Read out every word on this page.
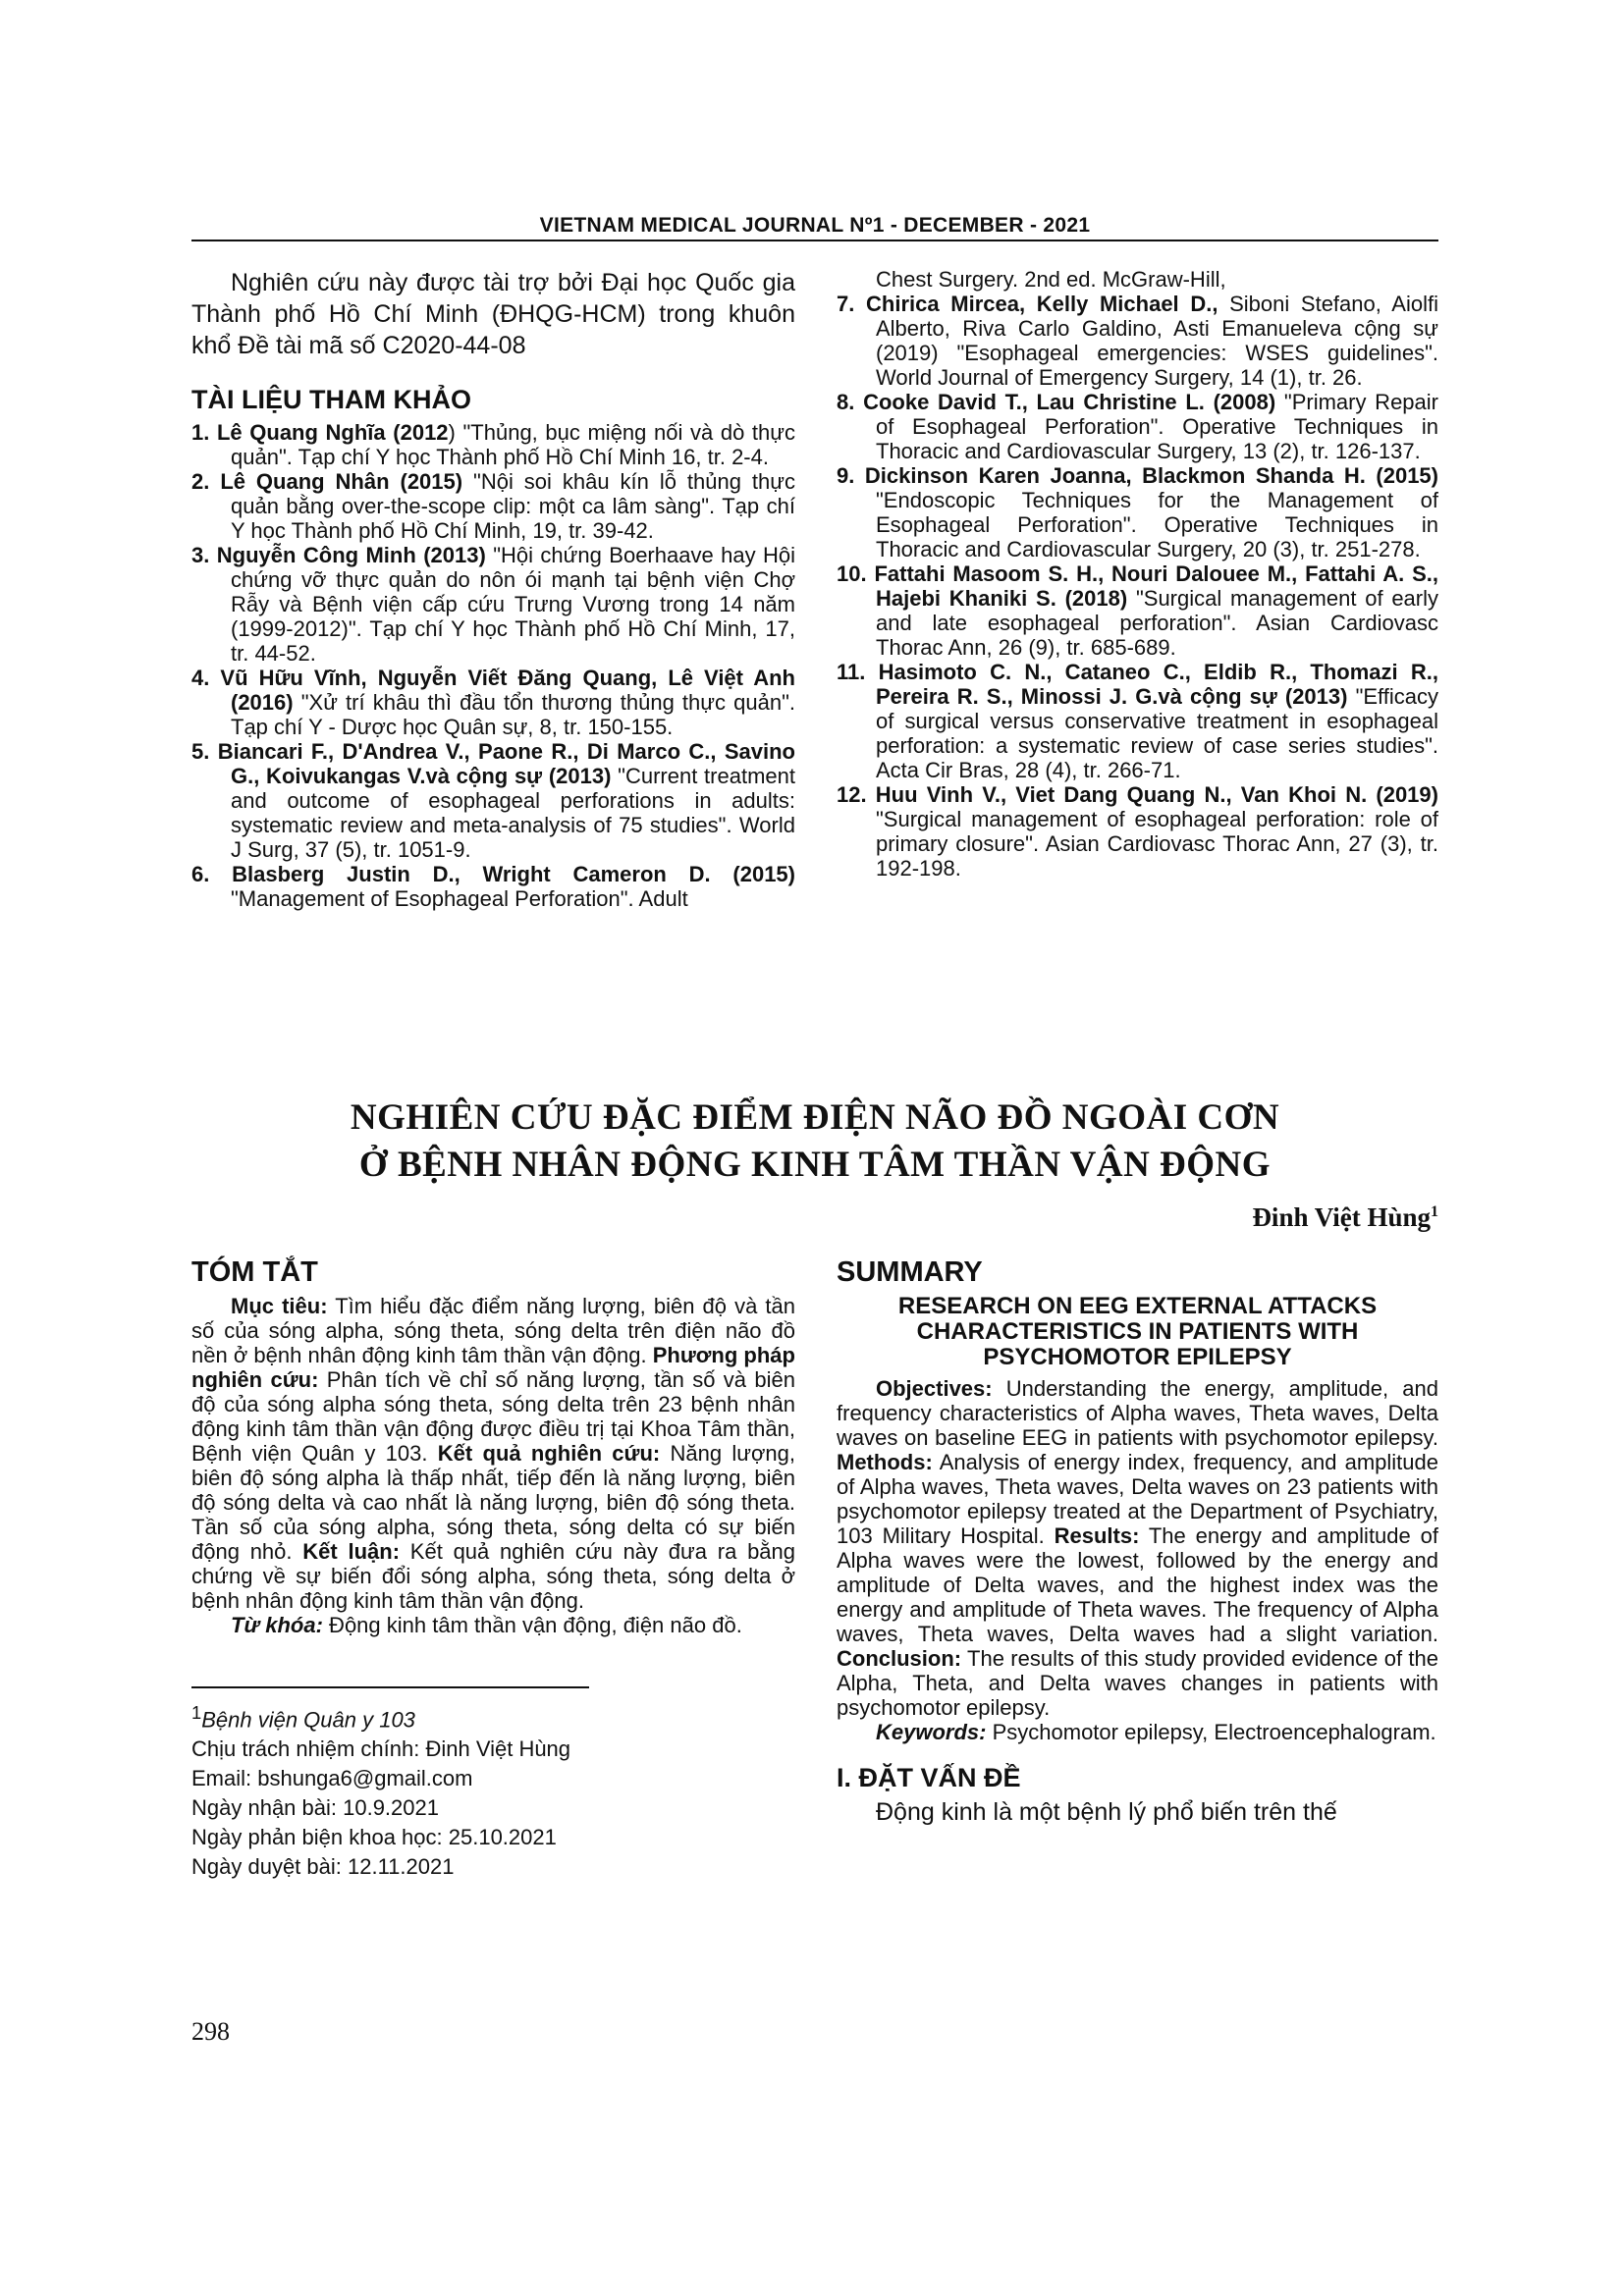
VIETNAM MEDICAL JOURNAL Nº1 - DECEMBER - 2021

Nghiên cứu này được tài trợ bởi Đại học Quốc gia Thành phố Hồ Chí Minh (ĐHQG-HCM) trong khuôn khổ Đề tài mã số C2020-44-08

TÀI LIỆU THAM KHẢO
1. Lê Quang Nghĩa (2012) "Thủng, bục miệng nối và dò thực quản". Tạp chí Y học Thành phố Hồ Chí Minh 16, tr. 2-4.
2. Lê Quang Nhân (2015) "Nội soi khâu kín lỗ thủng thực quản bằng over-the-scope clip: một ca lâm sàng". Tạp chí Y học Thành phố Hồ Chí Minh, 19, tr. 39-42.
3. Nguyễn Công Minh (2013) "Hội chứng Boerhaave hay Hội chứng vỡ thực quản do nôn ói mạnh tại bệnh viện Chợ Rẫy và Bệnh viện cấp cứu Trưng Vương trong 14 năm (1999-2012)". Tạp chí Y học Thành phố Hồ Chí Minh, 17, tr. 44-52.
4. Vũ Hữu Vĩnh, Nguyễn Viết Đăng Quang, Lê Việt Anh (2016) "Xử trí khâu thì đầu tổn thương thủng thực quản". Tạp chí Y - Dược học Quân sự, 8, tr. 150-155.
5. Biancari F., D'Andrea V., Paone R., Di Marco C., Savino G., Koivukangas V.và cộng sự (2013) "Current treatment and outcome of esophageal perforations in adults: systematic review and meta-analysis of 75 studies". World J Surg, 37 (5), tr. 1051-9.
6. Blasberg Justin D., Wright Cameron D. (2015) "Management of Esophageal Perforation". Adult
Chest Surgery. 2nd ed. McGraw-Hill,
7. Chirica Mircea, Kelly Michael D., Siboni Stefano, Aiolfi Alberto, Riva Carlo Galdino, Asti Emanueleva cộng sự (2019) "Esophageal emergencies: WSES guidelines". World Journal of Emergency Surgery, 14 (1), tr. 26.
8. Cooke David T., Lau Christine L. (2008) "Primary Repair of Esophageal Perforation". Operative Techniques in Thoracic and Cardiovascular Surgery, 13 (2), tr. 126-137.
9. Dickinson Karen Joanna, Blackmon Shanda H. (2015) "Endoscopic Techniques for the Management of Esophageal Perforation". Operative Techniques in Thoracic and Cardiovascular Surgery, 20 (3), tr. 251-278.
10. Fattahi Masoom S. H., Nouri Dalouee M., Fattahi A. S., Hajebi Khaniki S. (2018) "Surgical management of early and late esophageal perforation". Asian Cardiovasc Thorac Ann, 26 (9), tr. 685-689.
11. Hasimoto C. N., Cataneo C., Eldib R., Thomazi R., Pereira R. S., Minossi J. G.và cộng sự (2013) "Efficacy of surgical versus conservative treatment in esophageal perforation: a systematic review of case series studies". Acta Cir Bras, 28 (4), tr. 266-71.
12. Huu Vinh V., Viet Dang Quang N., Van Khoi N. (2019) "Surgical management of esophageal perforation: role of primary closure". Asian Cardiovasc Thorac Ann, 27 (3), tr. 192-198.
NGHIÊN CỨU ĐẶC ĐIỂM ĐIỆN NÃO ĐỒ NGOÀI CƠN
Ở BỆNH NHÂN ĐỘNG KINH TÂM THẦN VẬN ĐỘNG
Đinh Việt Hùng$^1$
TÓM TẮT

Mục tiêu: Tìm hiểu đặc điểm năng lượng, biên độ và tần số của sóng alpha, sóng theta, sóng delta trên điện não đồ nền ở bệnh nhân động kinh tâm thần vận động. Phương pháp nghiên cứu: Phân tích về chỉ số năng lượng, tần số và biên độ của sóng alpha sóng theta, sóng delta trên 23 bệnh nhân động kinh tâm thần vận động được điều trị tại Khoa Tâm thần, Bệnh viện Quân y 103. Kết quả nghiên cứu: Năng lượng, biên độ sóng alpha là thấp nhất, tiếp đến là năng lượng, biên độ sóng delta và cao nhất là năng lượng, biên độ sóng theta. Tần số của sóng alpha, sóng theta, sóng delta có sự biến động nhỏ. Kết luận: Kết quả nghiên cứu này đưa ra bằng chứng về sự biến đổi sóng alpha, sóng theta, sóng delta ở bệnh nhân động kinh tâm thần vận động.

Từ khóa: Động kinh tâm thần vận động, điện não đồ.

$^1$Bệnh viện Quân y 103
Chịu trách nhiệm chính: Đinh Việt Hùng
Email: bshunga6@gmail.com
Ngày nhận bài: 10.9.2021
Ngày phản biện khoa học: 25.10.2021
Ngày duyệt bài: 12.11.2021
298
SUMMARY
RESEARCH ON EEG EXTERNAL ATTACKS CHARACTERISTICS IN PATIENTS WITH PSYCHOMOTOR EPILEPSY

Objectives: Understanding the energy, amplitude, and frequency characteristics of Alpha waves, Theta waves, Delta waves on baseline EEG in patients with psychomotor epilepsy. Methods: Analysis of energy index, frequency, and amplitude of Alpha waves, Theta waves, Delta waves on 23 patients with psychomotor epilepsy treated at the Department of Psychiatry, 103 Military Hospital. Results: The energy and amplitude of Alpha waves were the lowest, followed by the energy and amplitude of Delta waves, and the highest index was the energy and amplitude of Theta waves. The frequency of Alpha waves, Theta waves, Delta waves had a slight variation. Conclusion: The results of this study provided evidence of the Alpha, Theta, and Delta waves changes in patients with psychomotor epilepsy.

Keywords: Psychomotor epilepsy, Electroencephalogram.

I. ĐẶT VẤN ĐỀ

Động kinh là một bệnh lý phổ biến trên thế
